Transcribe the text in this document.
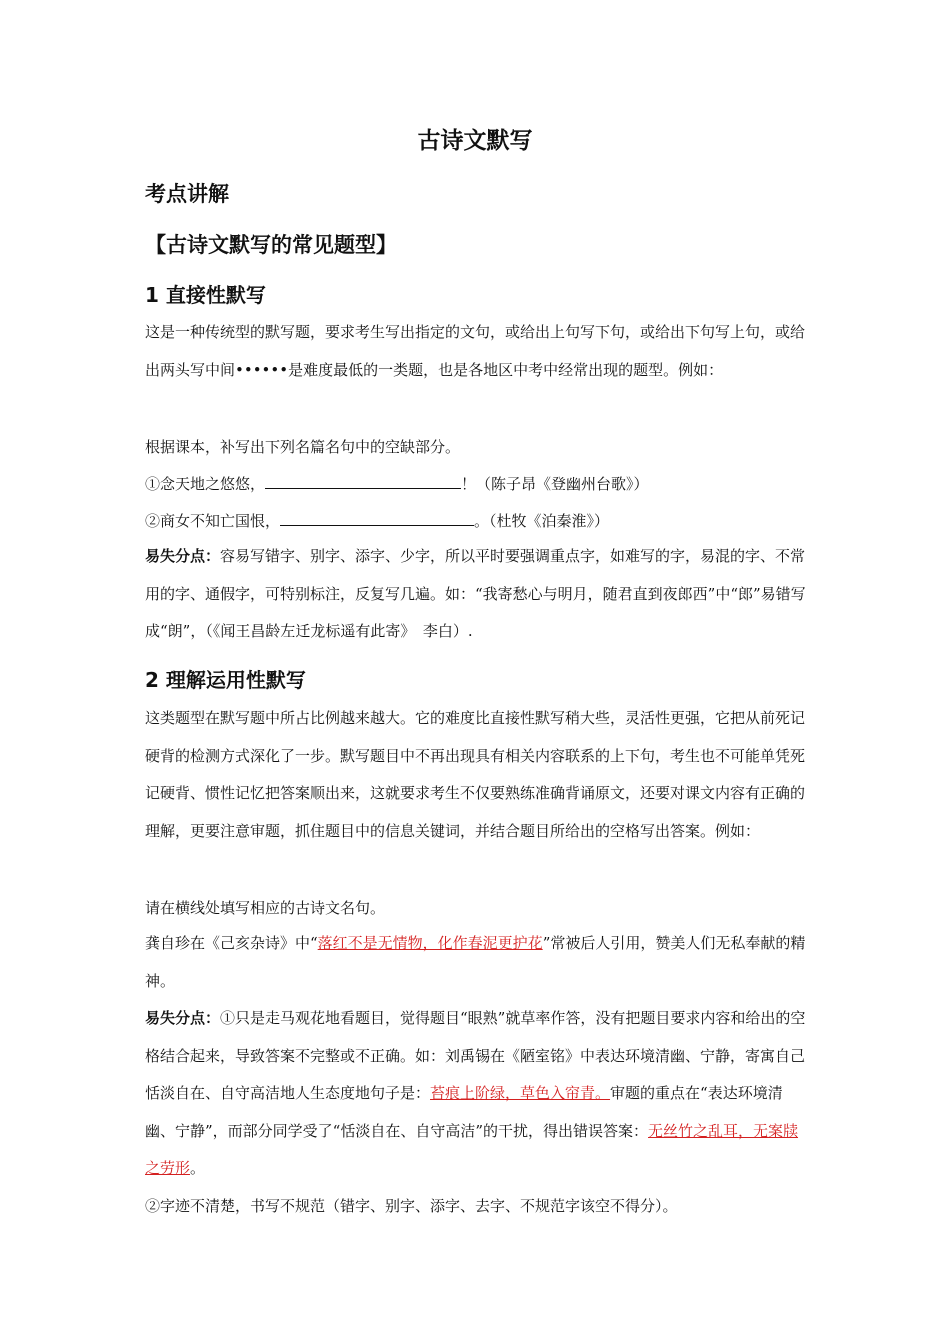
古诗文默写
考点讲解
【古诗文默写的常见题型】
1 直接性默写
这是一种传统型的默写题，要求考生写出指定的文句，或给出上句写下句，或给出下句写上句，或给出两头写中间••••••是难度最低的一类题，也是各地区中考中经常出现的题型。例如：
根据课本，补写出下列名篇名句中的空缺部分。
①念天地之悠悠，	！（陈子昂《登幽州台歌》）
②商女不知亡国恨，	。（杜牧《泊秦淮》）
易失分点：容易写错字、别字、添字、少字，所以平时要强调重点字，如难写的字，易混的字、不常用的字、通假字，可特别标注，反复写几遍。如：“我寄愁心与明月，随君直到夜郎西”中“郎”易错写成“朗”，（《闻王昌龄左迁龙标遥有此寄》　李白）.
2 理解运用性默写
这类题型在默写题中所占比例越来越大。它的难度比直接性默写稍大些，灵活性更强，它把从前死记硬背的检测方式深化了一步。默写题目中不再出现具有相关内容联系的上下句，考生也不可能单凭死记硬背、惯性记忆把答案顺出来，这就要求考生不仅要熟练准确背诵原文，还要对课文内容有正确的理解，更要注意审题，抓住题目中的信息关键词，并结合题目所给出的空格写出答案。例如：
请在横线处填写相应的古诗文名句。
龚自珍在《己亥杂诗》中“落红不是无情物，化作春泥更护花”常被后人引用，赞美人们无私奉献的精神。
易失分点：①只是走马观花地看题目，觉得题目“眼熟”就草率作答，没有把题目要求内容和给出的空格结合起来，导致答案不完整或不正确。如：刘禹锡在《陋室铭》中表达环境清幽、宁静，寄寓自己恬淡自在、自守高洁地人生态度地句子是：苔痕上阶绿，草色入帘青。审题的重点在“表达环境清幽、宁静”，而部分同学受了“恬淡自在、自守高洁”的干扰，得出错误答案：无丝竹之乱耳，无案牍之劳形。
②字迹不清楚，书写不规范（错字、别字、添字、去字、不规范字该空不得分）。
